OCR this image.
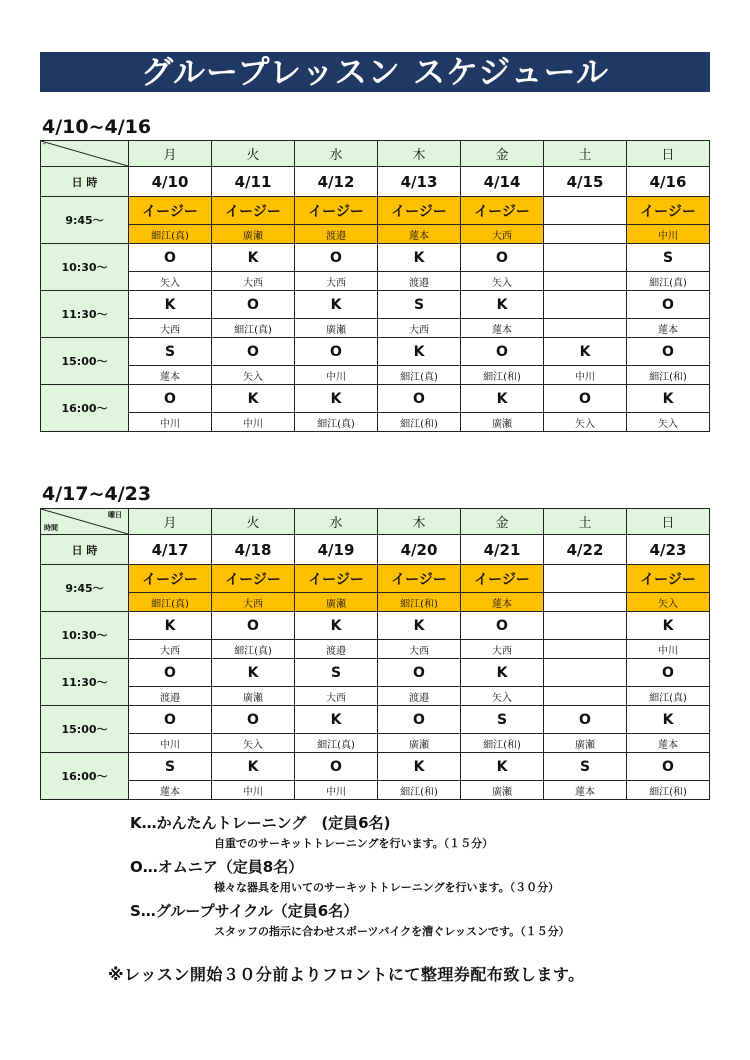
グループレッスン スケジュール
4/10~4/16
-	月	火	水	木	金	土	日
日 時	4/10	4/11	4/12	4/13	4/14	4/15	4/16
9:45～	イージー	イージー	イージー	イージー	イージー		イージー
	細江(真)	廣瀬	渡邉	蓮本	大西		中川
10:30～	O	K	O	K	O		S
	矢入	大西	大西	渡邉	矢入		細江(真)
11:30～	K	O	K	S	K		O
	大西	細江(真)	廣瀬	大西	蓮本		蓮本
15:00～	S	O	O	K	O	K	O
	蓮本	矢入	中川	細江(真)	細江(和)	中川	細江(和)
16:00～	O	K	K	O	K	O	K
	中川	中川	細江(真)	細江(和)	廣瀬	矢入	矢入
4/17~4/23
曜日
時間	月	火	水	木	金	土	日
日 時	4/17	4/18	4/19	4/20	4/21	4/22	4/23
9:45～	イージー	イージー	イージー	イージー	イージー		イージー
	細江(真)	大西	廣瀬	細江(和)	蓮本		矢入
10:30～	K	O	K	K	O		K
	大西	細江(真)	渡邉	大西	大西		中川
11:30～	O	K	S	O	K		O
	渡邉	廣瀬	大西	渡邉	矢入		細江(真)
15:00～	O	O	K	O	S	O	K
	中川	矢入	細江(真)	廣瀬	細江(和)	廣瀬	蓮本
16:00～	S	K	O	K	K	S	O
	蓮本	中川	中川	細江(和)	廣瀬	蓮本	細江(和)
K…かんたんトレーニング　(定員6名)
自重でのサーキットトレーニングを行います。（１５分）
O…オムニア（定員8名）
様々な器具を用いてのサーキットトレーニングを行います。（３０分）
S…グループサイクル（定員6名）
スタッフの指示に合わせスポーツバイクを漕ぐレッスンです。（１５分）
※レッスン開始３０分前よりフロントにて整理券配布致します。
